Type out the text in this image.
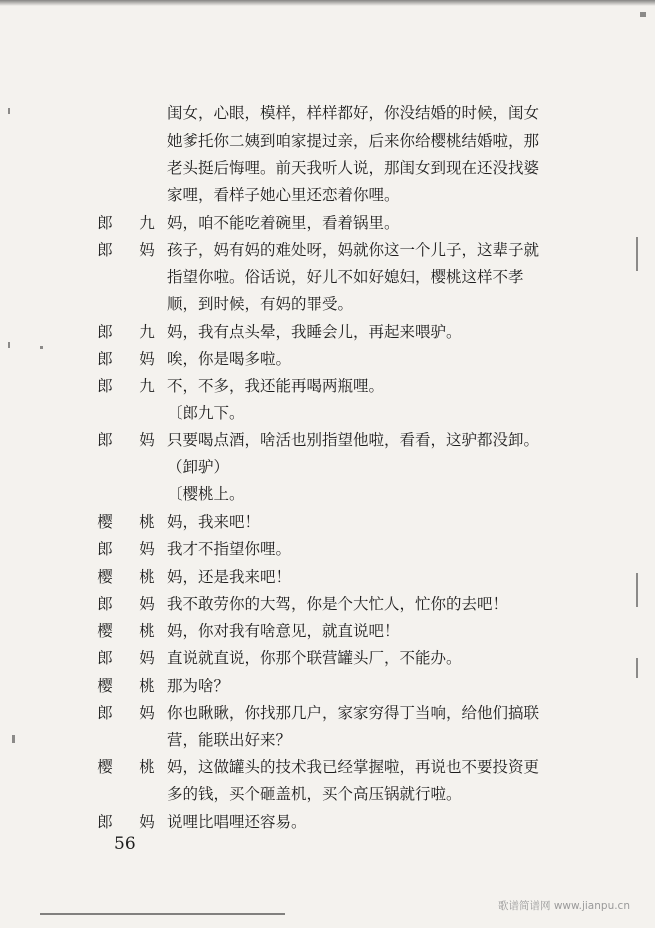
闺女，心眼，模样，样样都好，你没结婚的时候，闺女
她爹托你二姨到咱家提过亲，后来你给樱桃结婚啦，那
老头挺后悔哩。前天我听人说，那闺女到现在还没找婆
家哩，看样子她心里还恋着你哩。
郎 九 妈，咱不能吃着碗里，看着锅里。
郎 妈 孩子，妈有妈的难处呀，妈就你这一个儿子，这辈子就
指望你啦。俗话说，好儿不如好媳妇，樱桃这样不孝
顺，到时候，有妈的罪受。
郎 九 妈，我有点头晕，我睡会儿，再起来喂驴。
郎 妈 唉，你是喝多啦。
郎 九 不，不多，我还能再喝两瓶哩。
〔郎九下。
郎 妈 只要喝点酒，啥活也别指望他啦，看看，这驴都没卸。
（卸驴）
〔樱桃上。
樱 桃 妈，我来吧！
郎 妈 我才不指望你哩。
樱 桃 妈，还是我来吧！
郎 妈 我不敢劳你的大驾，你是个大忙人，忙你的去吧！
樱 桃 妈，你对我有啥意见，就直说吧！
郎 妈 直说就直说，你那个联营罐头厂，不能办。
樱 桃 那为啥？
郎 妈 你也瞅瞅，你找那几户，家家穷得丁当响，给他们搞联
营，能联出好来？
樱 桃 妈，这做罐头的技术我已经掌握啦，再说也不要投资更
多的钱，买个砸盖机，买个高压锅就行啦。
郎 妈 说哩比唱哩还容易。
56
歌谱简谱网 www.jianpu.cn
